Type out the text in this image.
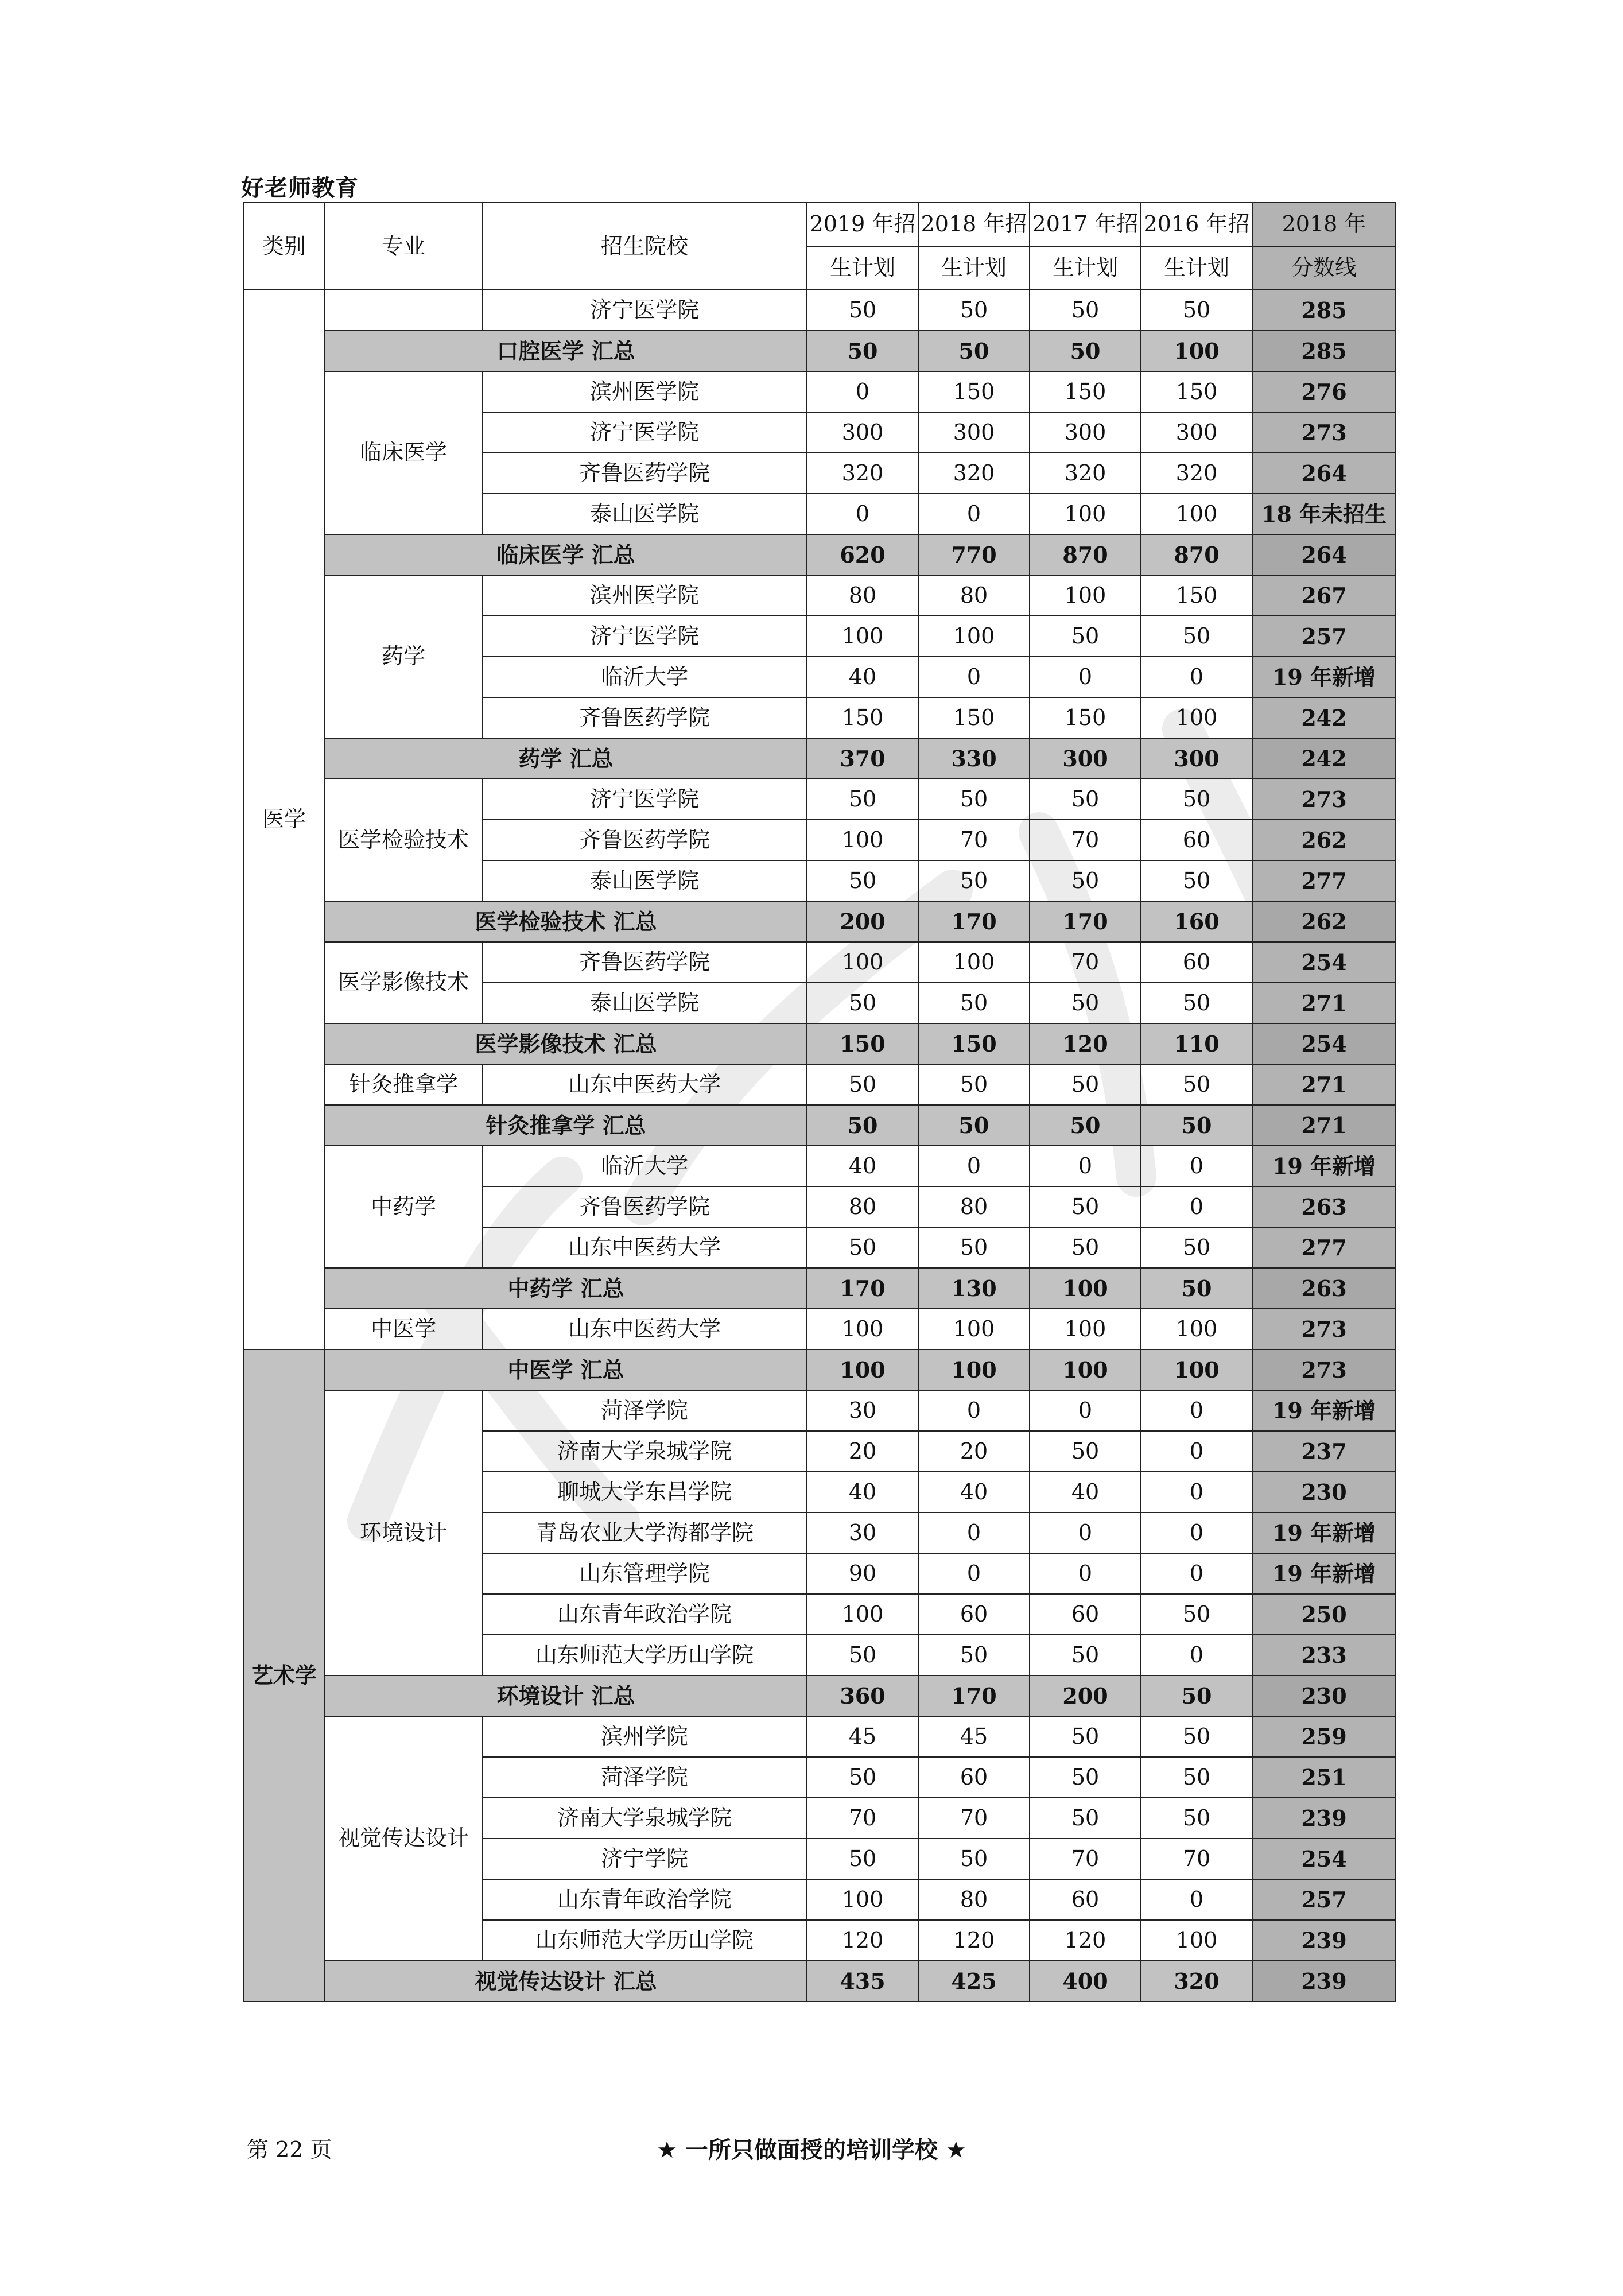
好老师教育
类别	专业	招生院校	2019 年招	2018 年招	2017 年招	2016 年招	2018 年
			生计划	生计划	生计划	生计划	分数线
医学		济宁医学院	50	50	50	50	285
	口腔医学 汇总		50	50	50	100	285
	临床医学	滨州医学院	0	150	150	150	276
		济宁医学院	300	300	300	300	273
		齐鲁医药学院	320	320	320	320	264
		泰山医学院	0	0	100	100	18 年未招生
	临床医学 汇总		620	770	870	870	264
	药学	滨州医学院	80	80	100	150	267
		济宁医学院	100	100	50	50	257
		临沂大学	40	0	0	0	19 年新增
		齐鲁医药学院	150	150	150	100	242
	药学 汇总		370	330	300	300	242
	医学检验技术	济宁医学院	50	50	50	50	273
		齐鲁医药学院	100	70	70	60	262
		泰山医学院	50	50	50	50	277
	医学检验技术 汇总		200	170	170	160	262
	医学影像技术	齐鲁医药学院	100	100	70	60	254
		泰山医学院	50	50	50	50	271
	医学影像技术 汇总		150	150	120	110	254
	针灸推拿学	山东中医药大学	50	50	50	50	271
	针灸推拿学 汇总		50	50	50	50	271
	中药学	临沂大学	40	0	0	0	19 年新增
		齐鲁医药学院	80	80	50	0	263
		山东中医药大学	50	50	50	50	277
	中药学 汇总		170	130	100	50	263
	中医学	山东中医药大学	100	100	100	100	273
艺术学	中医学 汇总		100	100	100	100	273
	环境设计	菏泽学院	30	0	0	0	19 年新增
		济南大学泉城学院	20	20	50	0	237
		聊城大学东昌学院	40	40	40	0	230
		青岛农业大学海都学院	30	0	0	0	19 年新增
		山东管理学院	90	0	0	0	19 年新增
		山东青年政治学院	100	60	60	50	250
		山东师范大学历山学院	50	50	50	0	233
	环境设计 汇总		360	170	200	50	230
	视觉传达设计	滨州学院	45	45	50	50	259
		菏泽学院	50	60	50	50	251
		济南大学泉城学院	70	70	50	50	239
		济宁学院	50	50	70	70	254
		山东青年政治学院	100	80	60	0	257
		山东师范大学历山学院	120	120	120	100	239
	视觉传达设计 汇总		435	425	400	320	239
第 22 页	★ 一所只做面授的培训学校 ★
